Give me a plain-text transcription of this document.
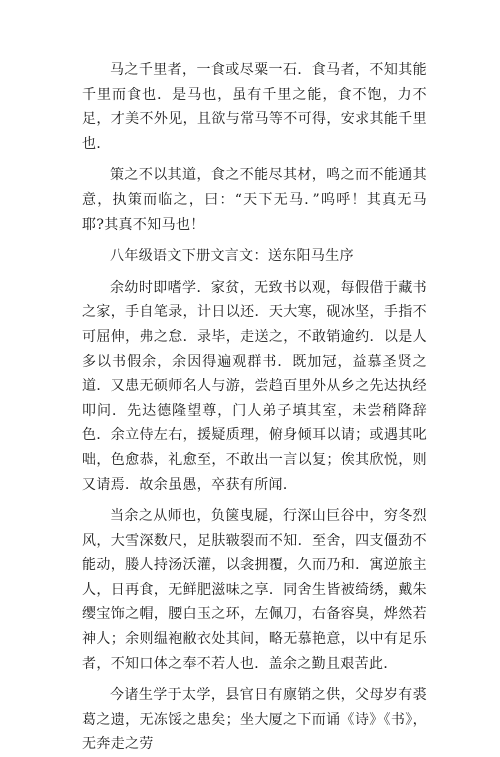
马之千里者，一食或尽粟一石．食马者，不知其能千里而食也．是马也，虽有千里之能，食不饱，力不足，才美不外见，且欲与常马等不可得，安求其能千里也．

策之不以其道，食之不能尽其材，鸣之而不能通其意，执策而临之，曰：“天下无马．”呜呼！其真无马耶?其真不知马也！

八年级语文下册文言文：送东阳马生序

余幼时即嗜学．家贫，无致书以观，每假借于藏书之家，手自笔录，计日以还．天大寒，砚冰坚，手指不可屈伸，弗之怠．录毕，走送之，不敢销逾约．以是人多以书假余，余因得遍观群书．既加冠，益慕圣贤之道．又患无硕师名人与游，尝趋百里外从乡之先达执经叩问．先达德隆望尊，门人弟子填其室，未尝稍降辞色．余立侍左右，援疑质理，俯身倾耳以请；或遇其叱咄，色愈恭，礼愈至，不敢出一言以复；俟其欣悦，则又请焉．故余虽愚，卒获有所闻．

当余之从师也，负箧曳屣，行深山巨谷中，穷冬烈风，大雪深数尺，足肤皲裂而不知．至舍，四支僵劲不能动，媵人持汤沃灌，以衾拥覆，久而乃和．寓逆旅主人，日再食，无鲜肥滋味之享．同舍生皆被绮绣，戴朱缨宝饰之帽，腰白玉之环，左佩刀，右备容臭，烨然若神人；余则缊袍敝衣处其间，略无慕艳意，以中有足乐者，不知口体之奉不若人也．盖余之勤且艰苦此．

今诸生学于太学，县官日有廪销之供，父母岁有裘葛之遗，无冻馁之患矣；坐大厦之下而诵《诗》《书》，无奔走之劳
